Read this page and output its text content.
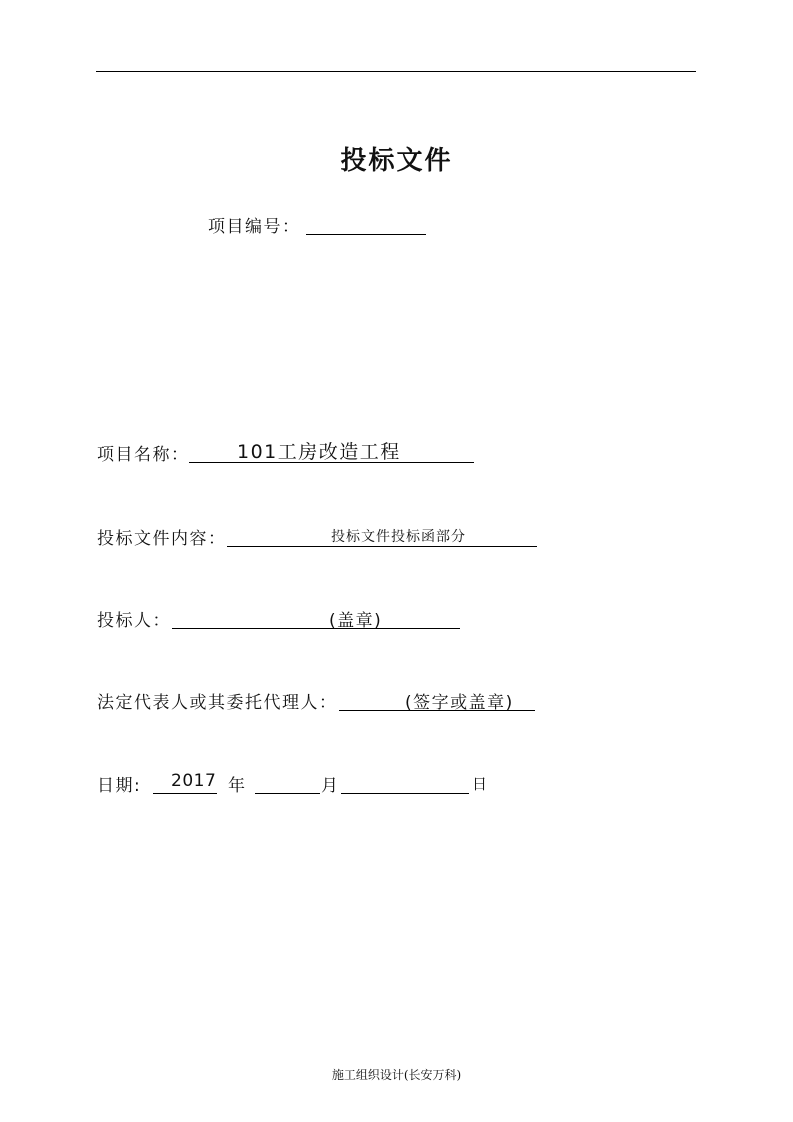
投标文件
项目编号：
项目名称：	101工房改造工程
投标文件内容：	投标文件投标函部分
投标人：	(盖章)
法定代表人或其委托代理人：	(签字或盖章)
日期: 2017 年	月	日
施工组织设计(长安万科)
